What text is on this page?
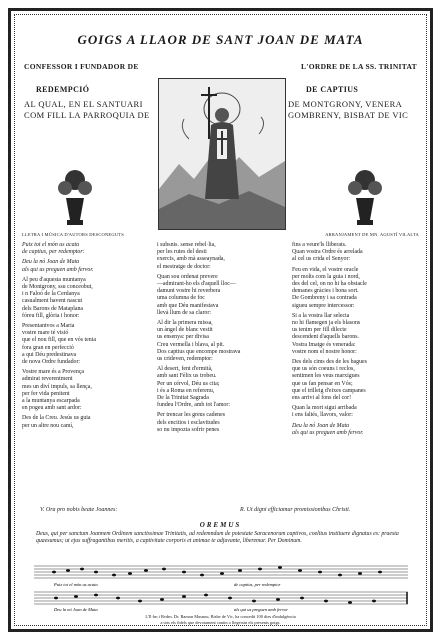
GOIGS A LLAOR DE SANT JOAN DE MATA
CONFESSOR I FUNDADOR DE	L'ORDRE DE LA SS. TRINITAT
REDEMPCIÓ	DE CAPTIUS
AL QUAL, EN EL SANTUARI
COM FILL LA PARROQUIA DE
DE MONTGRONY, VENERA
GOMBRENY, BISBAT DE VIC
LLETRA I MÚSICA D'AUTORS DESCONEGUTS	ARRANJAMENT DE MN. AGUSTÍ VILALTA

Puix tot el món us acata
de captius, per redemptor:

Deu la nó Joan de Mata
als qui us preguen amb fervor.

Al peu d'aquesta muntanya
de Montgrony, ssu conceobut,
i n Faloó de la Cerdanya
casualment havent nascut
dels Barons de Mataplana
fóreu fill, glòria i honor:

Presentantvos a Maria
vostre mare té visió
que el nou fill, que en vós tenia
fora gran en perfecció
a qui Déu predestinava
de nova Ordre fundador:

Vostre mare és a Provença
admirat reverentment
mes un diví impuls, sa llença,
per fer vida penitent
a la muntanya escarpada
en pogeu amb sant ardor:

Des de la Creu. Jesús us guia
per un altre nou camí,

i subsnis. sense rebel·lia,
per les rutes del desti
exercis, amb mà asseaynada,
el mestratge de doctor:

Quan sou ordenat prevere
—admirant-ho els d'aquell lloc—
damunt vostre hi reverbera
uma columna de foc
amb que Déu manifestava
llevà llum de sa claror:

Al dir la primera missa,
un àngel de blanc vestit
us ensenya: per divisa
Creu vermella i blava, al pit.
Dos captius que encompe mostrava
us crideven, redemptor:

Al desert, fent d'ermità,
amb sant Fèlix us trobeu.
Per un cérvol, Déu us cita;
i és a Roma en referenu,
De la Trinitat Sagrada
fundeu l'Ordre, amb tot l'amor:

Per trencar les greus cadenes
dels encitios i esclavitudes
so nu impozta sofrir penes

fins a veure'ls lliberats.
Quan vostra Ordre és arrelada
al cel us crida el Senyor:

Feu en vida, el vostre oracle
per molts com la guia i nord,
des del cel, on no hi ha obstacle
demanes gràcies i bona sort.
De Gombreny i sa contrada
sigueu sempre intercessor:

Si a la vostra llar selecta
no hi flamegen ja els blasons
us tenim per fill dilecte
descendent d'aquells barons.
Vostra Imatge és venerada:
vostre nom el nostre honor:

Des dels cims des de les bagues
que us són coeuns i reclos,
sentimen les veus marxigues
que us fan pensar en Vós;
que el trilleig d'eixes campanes
ens arrivi al fons del cor!

Quan la mort sigui arribada
i ens faltés, llavors, valor:

Deu la nó Joan de Mata
als qui us preguen amb fervor.

V. Ora pro nobis beate Joannes:	R. Ut digni efficiamur promissionibus Christi.
OREMUS
Deus, qui per sanctum Joannem Ordinem sanctissimae Trinitatis, ad redemndum de potestate Saracenorum captivos, coelitus instituere dignatus es: praesta quaesumus; ut ejus suffragantibus meritis, a captivitate corporis et animae te adjuvante, liberemur. Per Dominum.
Puix tot el món us acata	de captius, per redemptor
Deu la nó Joan de Mata	als qui us preguen amb fervor
L'Il·lm i Rvdm. Dr. Ramon Masnou, Bisbe de Vic, ha concedit 100 dies d'indulgència
a tots els fidels que devotament cantin o llegeixin els presents goigs.
